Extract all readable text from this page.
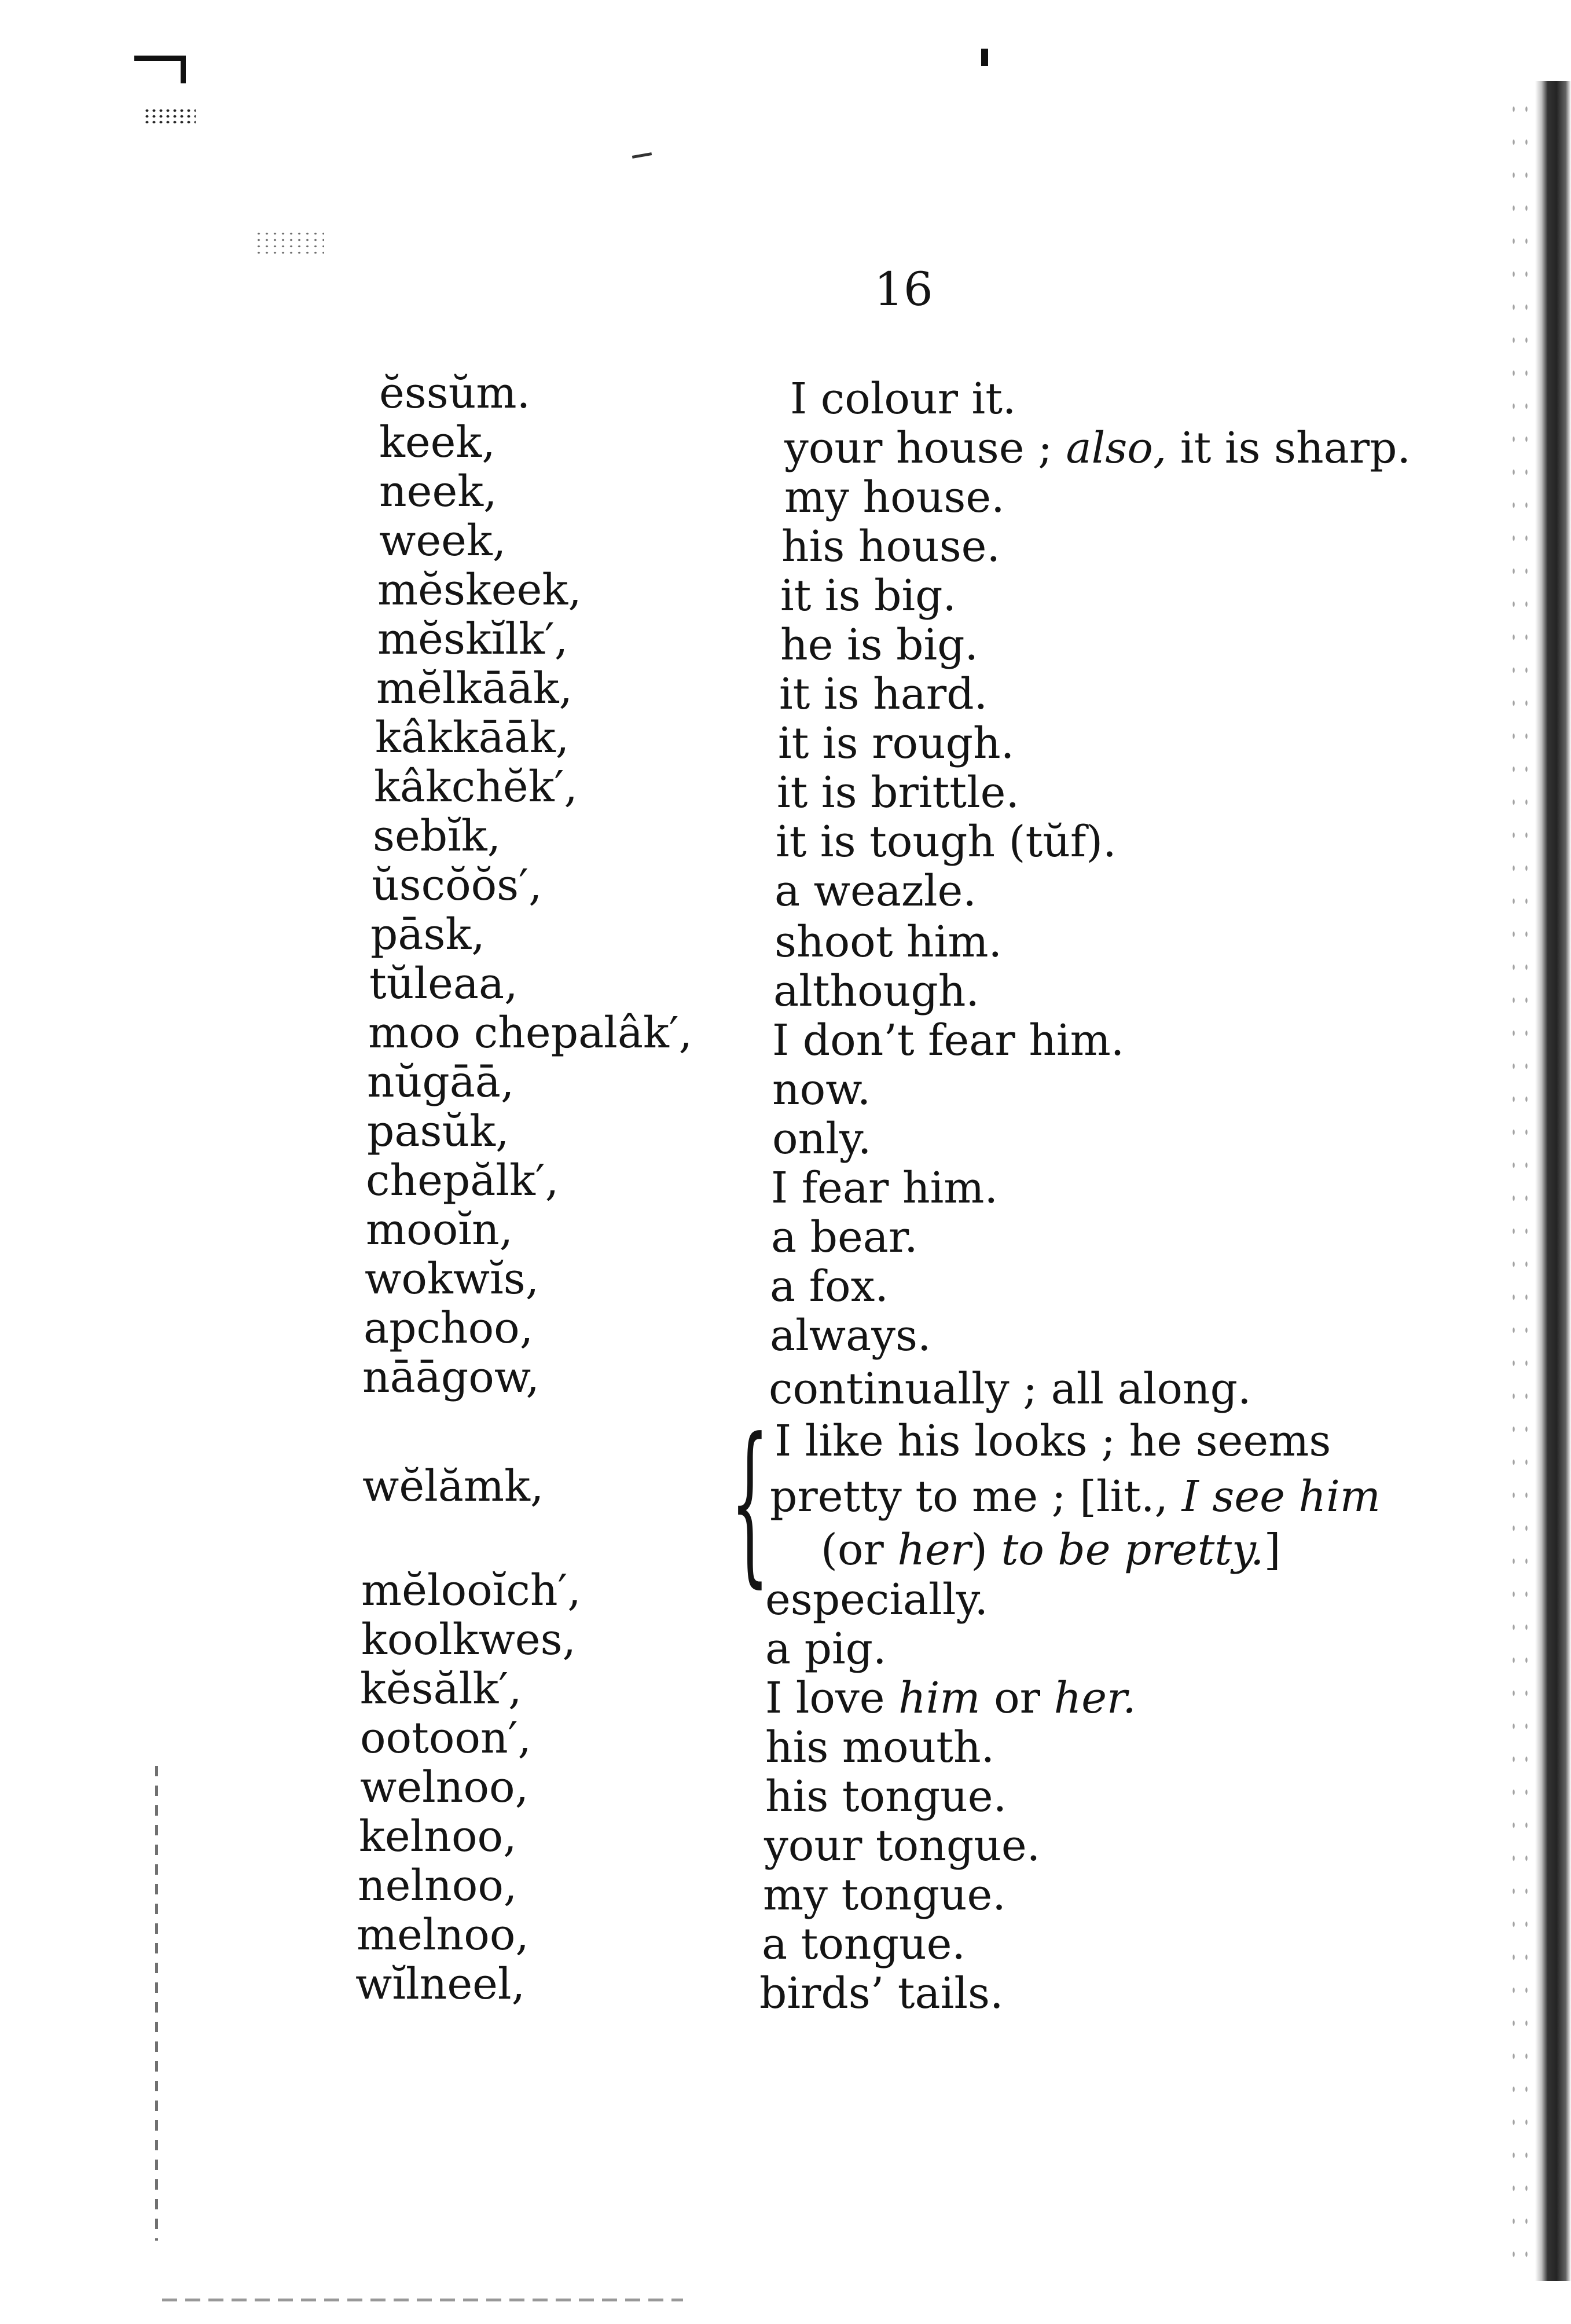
16
ĕssŭm.	I colour it.
keek,	your house ; also, it is sharp.
neek,	my house.
week,	his house.
mĕskeek,	it is big.
mĕskĭlk′,	he is big.
mĕlkāāk,	it is hard.
kâkkāāk,	it is rough.
kâkchĕk′,	it is brittle.
sebĭk,	it is tough (tŭf).
ŭscŏŏs′,	a weazle.
pāsk,	shoot him.
tŭleaa,	although.
moo chepalâk′, I don’t fear him.
nŭgāā,	now.
pasŭk,	only.
chepălk′,	I fear him.
mooĭn,	a bear.
wokwĭs,	a fox.
apchoo,	always.
nāāgow,	continually ; all along.
wĕlămk, { I like his looks ; he seems
pretty to me ; [lit., I see him
(or her) to be pretty.]
mĕlooĭch′,	especially.
koolkwes,	a pig.
kĕsălk′,	I love him or her.
ootoon′,	his mouth.
welnoo,	his tongue.
kelnoo,	your tongue.
nelnoo,	my tongue.
melnoo,	a tongue.
wĭlneel,	birds’ tails.
